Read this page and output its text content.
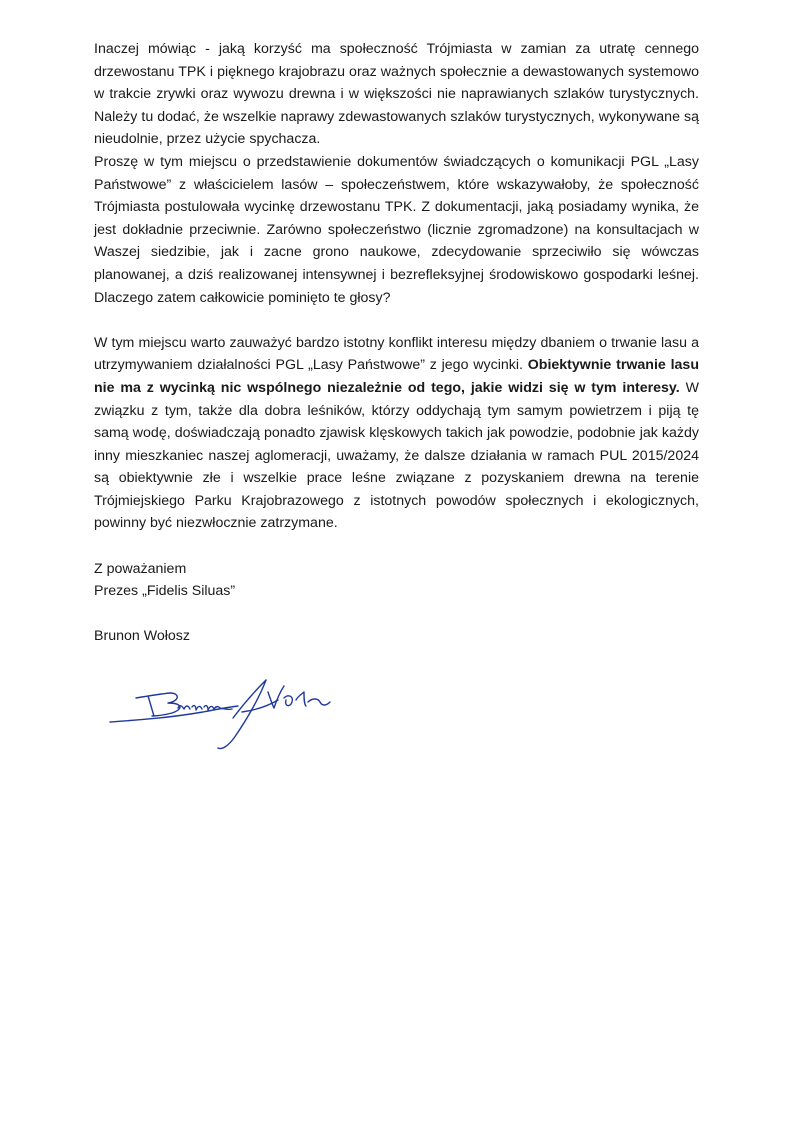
Inaczej mówiąc - jaką korzyść ma społeczność Trójmiasta w zamian za utratę cennego drzewostanu TPK i pięknego krajobrazu oraz ważnych społecznie a dewastowanych systemowo w trakcie zrywki oraz wywozu drewna i w większości nie naprawianych szlaków turystycznych. Należy tu dodać, że wszelkie naprawy zdewastowanych szlaków turystycznych, wykonywane są nieudolnie, przez użycie spychacza.

Proszę w tym miejscu o przedstawienie dokumentów świadczących o komunikacji PGL „Lasy Państwowe” z właścicielem lasów – społeczeństwem, które wskazywałoby, że społeczność Trójmiasta postulowała wycinkę drzewostanu TPK. Z dokumentacji, jaką posiadamy wynika, że jest dokładnie przeciwnie. Zarówno społeczeństwo (licznie zgromadzone) na konsultacjach w Waszej siedzibie, jak i zacne grono naukowe, zdecydowanie sprzeciwiło się wówczas planowanej, a dziś realizowanej intensywnej i bezrefleksyjnej środowiskowo gospodarki leśnej. Dlaczego zatem całkowicie pominięto te głosy?

W tym miejscu warto zauważyć bardzo istotny konflikt interesu między dbaniem o trwanie lasu a utrzymywaniem działalności PGL „Lasy Państwowe” z jego wycinki. Obiektywnie trwanie lasu nie ma z wycinką nic wspólnego niezależnie od tego, jakie widzi się w tym interesy. W związku z tym, także dla dobra leśników, którzy oddychają tym samym powietrzem i piją tę samą wodę, doświadczają ponadto zjawisk klęskowych takich jak powodzie, podobnie jak każdy inny mieszkaniec naszej aglomeracji, uważamy, że dalsze działania w ramach PUL 2015/2024 są obiektywnie złe i wszelkie prace leśne związane z pozyskaniem drewna na terenie Trójmiejskiego Parku Krajobrazowego z istotnych powodów społecznych i ekologicznych, powinny być niezwłocznie zatrzymane.

Z poważaniem

Prezes „Fidelis Siluas”

Brunon Wołosz
